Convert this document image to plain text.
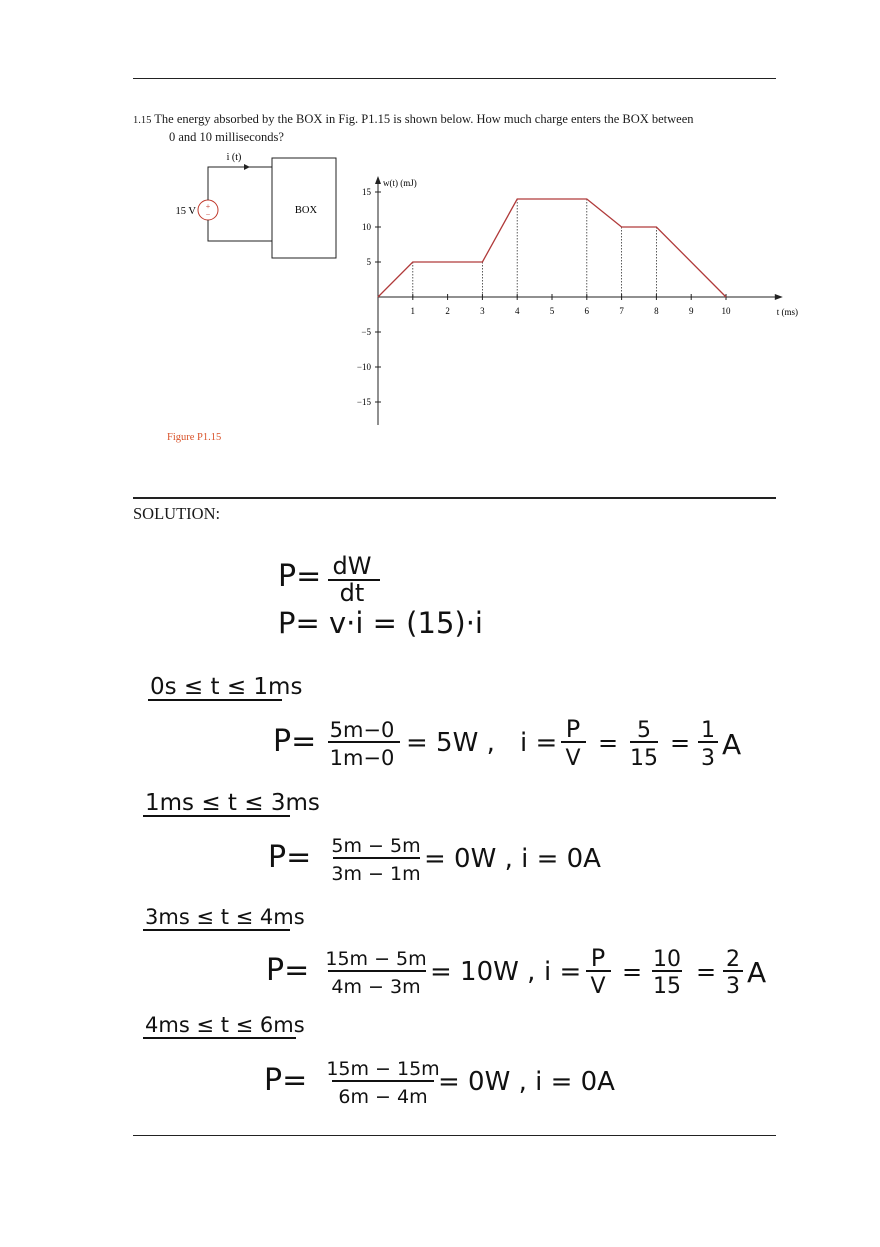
1.15 The energy absorbed by the BOX in Fig. P1.15 is shown below. How much charge enters the BOX between
0 and 10 milliseconds?
i (t)
+
−
15 V	BOX
w(t) (mJ)
t (ms)
1	2	3	4	5	6	7	8	9	10
15
10
5
−5
−10
−15
Figure P1.15
SOLUTION:
P= dW
dt
P= v·i = (15)·i
0s ≤ t ≤ 1ms
P= 5m−0
1m−0 = 5W , i = P
V
= 5
15
= 1
3 A
1ms ≤ t ≤ 3ms
P= 5m − 5m
3m − 1m = 0W , i = 0A
3ms ≤ t ≤ 4ms
P= 15m − 5m
4m − 3m = 10W , i = P
V
= 10
15
= 2
3 A
4ms ≤ t ≤ 6ms
P= 15m − 15m
6m − 4m = 0W , i = 0A
